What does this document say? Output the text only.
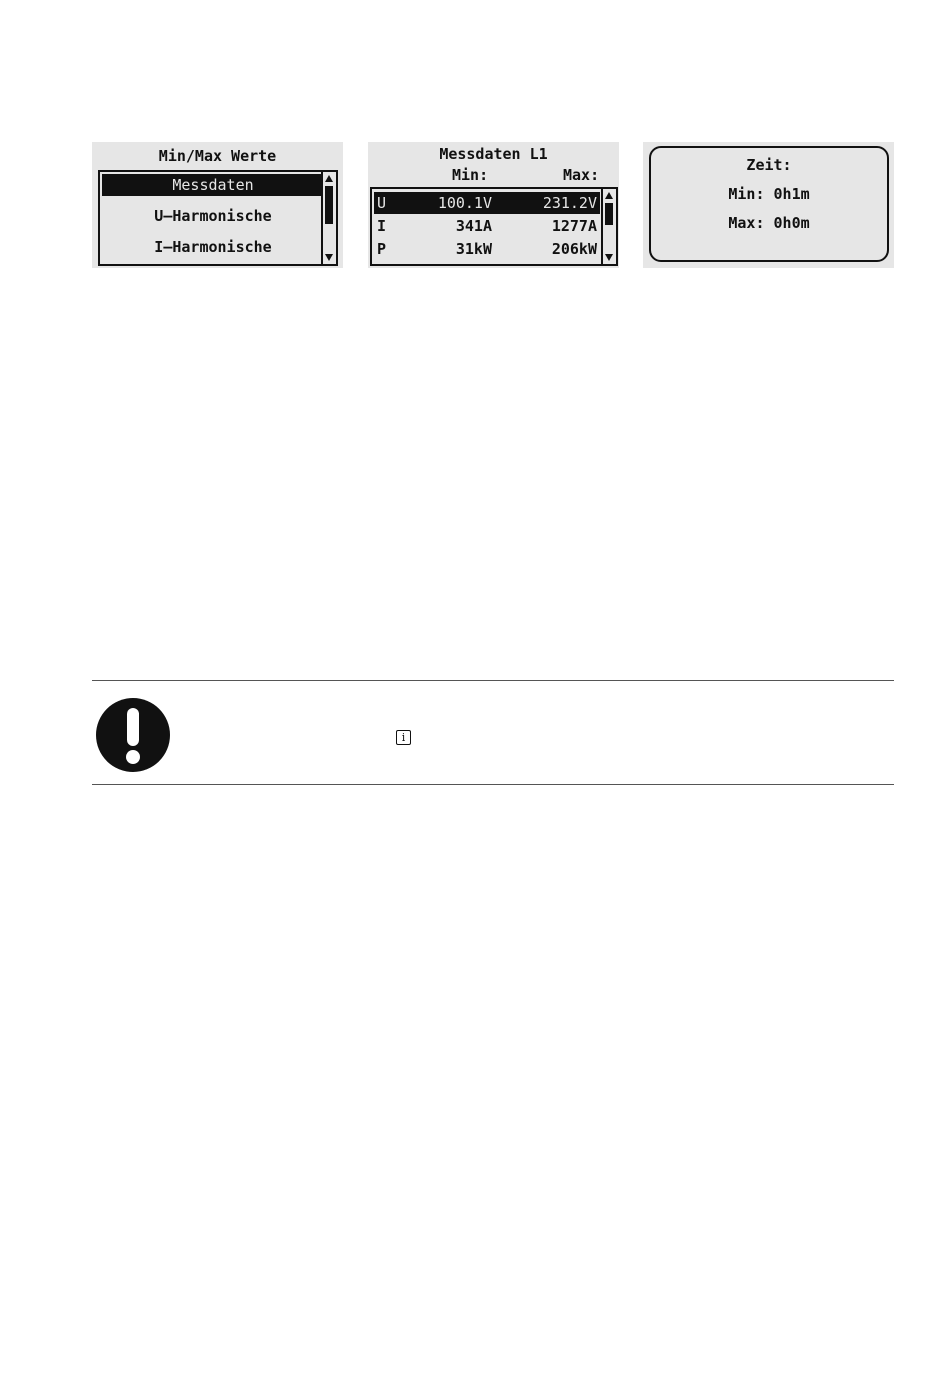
Min/Max Werte
Messdaten
U–Harmonische
I–Harmonische
Messdaten L1
Min:	Max:
U	100.1V	231.2V
I	341A	1277A
P	31kW	206kW
Zeit:
Min: 0h1m
Max: 0h0m
i
